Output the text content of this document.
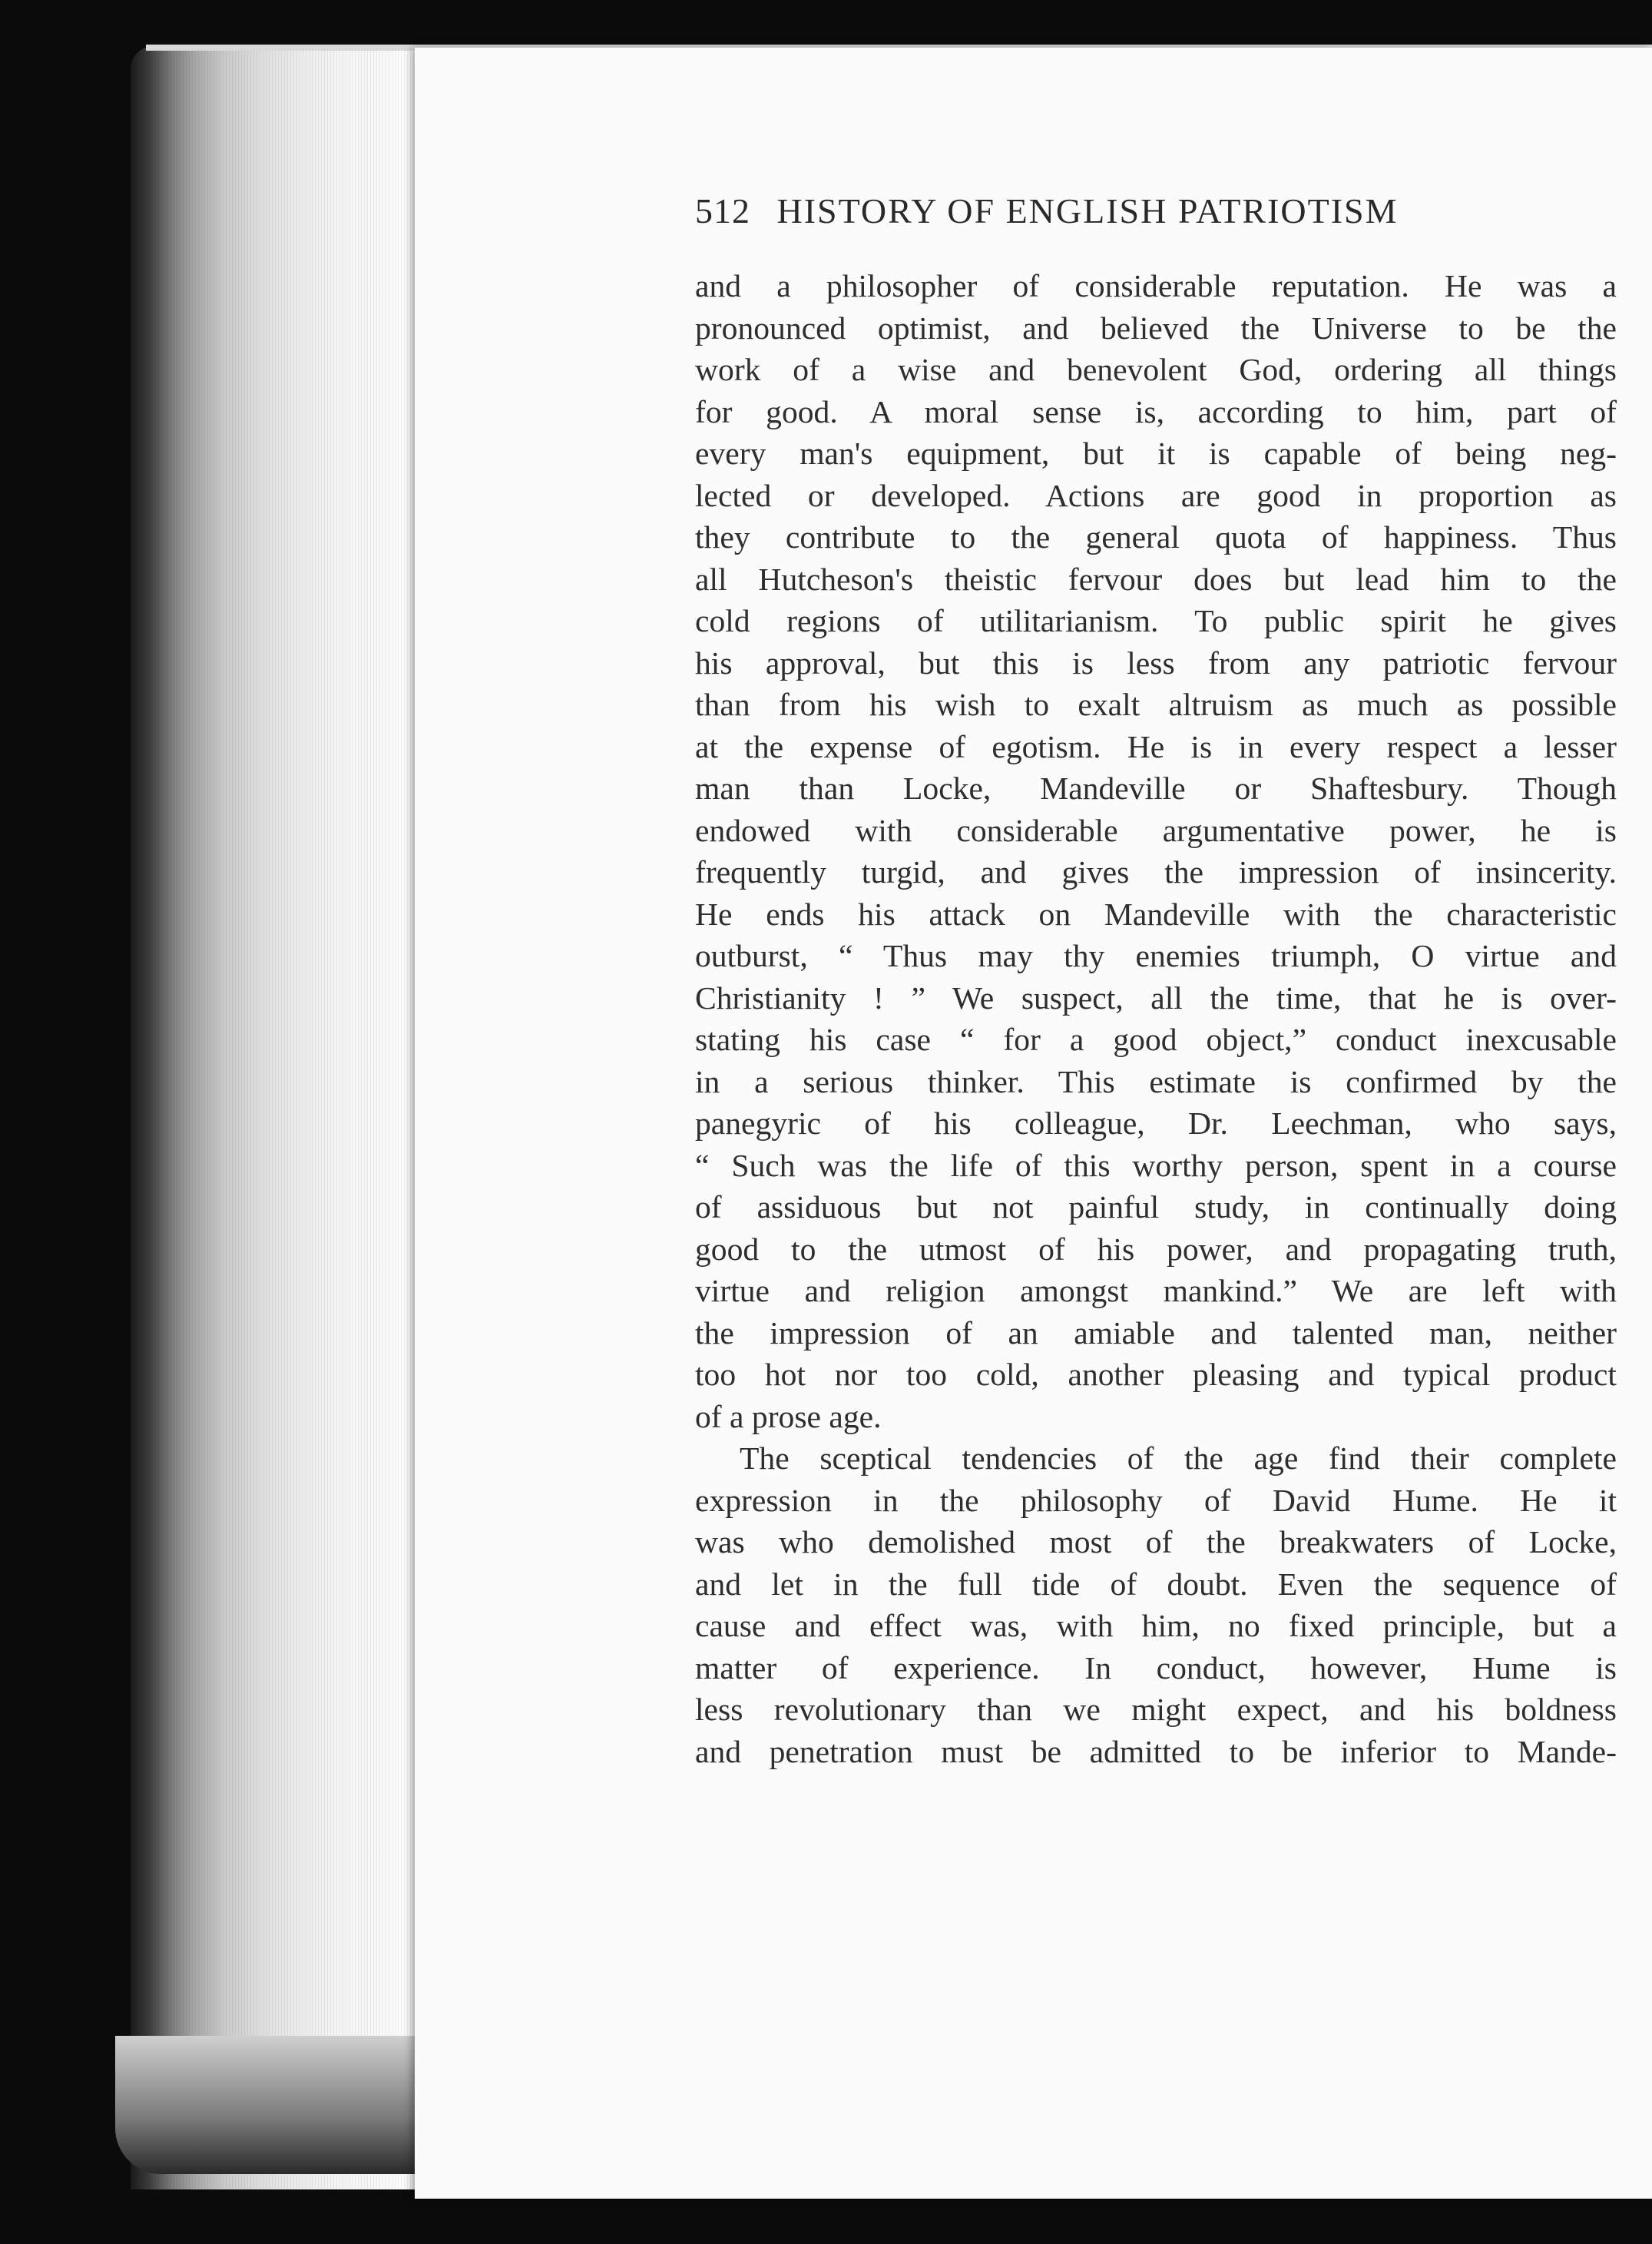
512 HISTORY OF ENGLISH PATRIOTISM
and a philosopher of considerable reputation. He was a
pronounced optimist, and believed the Universe to be the
work of a wise and benevolent God, ordering all things
for good. A moral sense is, according to him, part of
every man's equipment, but it is capable of being neg-
lected or developed. Actions are good in proportion as
they contribute to the general quota of happiness. Thus
all Hutcheson's theistic fervour does but lead him to the
cold regions of utilitarianism. To public spirit he gives
his approval, but this is less from any patriotic fervour
than from his wish to exalt altruism as much as possible
at the expense of egotism. He is in every respect a lesser
man than Locke, Mandeville or Shaftesbury. Though
endowed with considerable argumentative power, he is
frequently turgid, and gives the impression of insincerity.
He ends his attack on Mandeville with the characteristic
outburst, “ Thus may thy enemies triumph, O virtue and
Christianity ! ” We suspect, all the time, that he is over-
stating his case “ for a good object,” conduct inexcusable
in a serious thinker. This estimate is confirmed by the
panegyric of his colleague, Dr. Leechman, who says,
“ Such was the life of this worthy person, spent in a course
of assiduous but not painful study, in continually doing
good to the utmost of his power, and propagating truth,
virtue and religion amongst mankind.” We are left with
the impression of an amiable and talented man, neither
too hot nor too cold, another pleasing and typical product
of a prose age.
The sceptical tendencies of the age find their complete
expression in the philosophy of David Hume. He it
was who demolished most of the breakwaters of Locke,
and let in the full tide of doubt. Even the sequence of
cause and effect was, with him, no fixed principle, but a
matter of experience. In conduct, however, Hume is
less revolutionary than we might expect, and his boldness
and penetration must be admitted to be inferior to Mande-
